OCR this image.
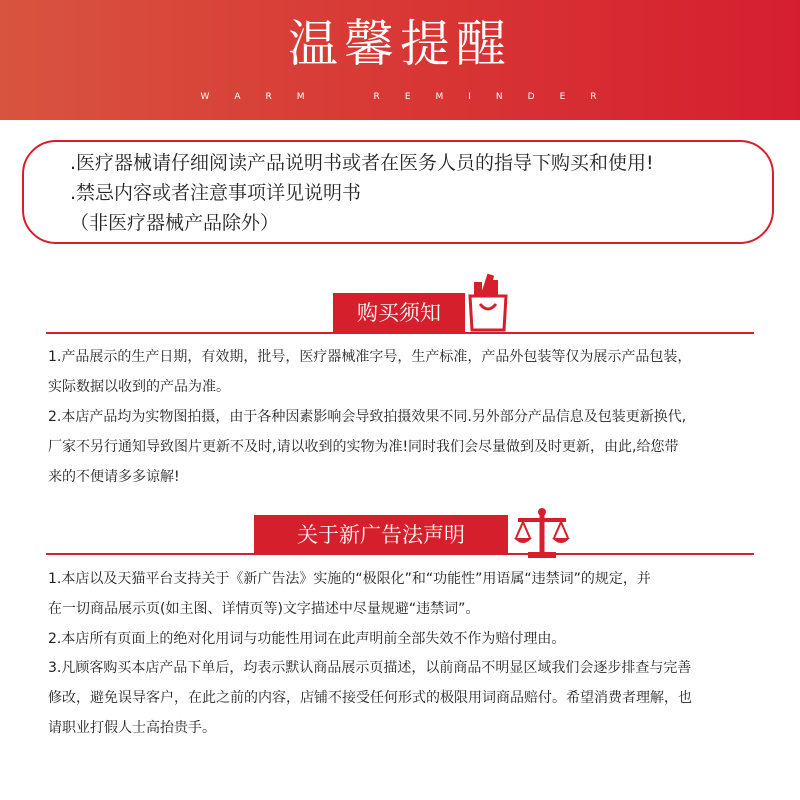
温馨提醒
W A R M	R E M I N D E R
.医疗器械请仔细阅读产品说明书或者在医务人员的指导下购买和使用!
.禁忌内容或者注意事项详见说明书
（非医疗器械产品除外）
购买须知
1.产品展示的生产日期，有效期，批号，医疗器械准字号，生产标准，产品外包装等仅为展示产品包装，
实际数据以收到的产品为准。
2.本店产品均为实物图拍摄，由于各种因素影响会导致拍摄效果不同.另外部分产品信息及包装更新换代,
厂家不另行通知导致图片更新不及时,请以收到的实物为准!同时我们会尽量做到及时更新，由此,给您带
来的不便请多多谅解!
关于新广告法声明
1.本店以及天猫平台支持关于《新广告法》实施的“极限化”和“功能性”用语属“违禁词”的规定，并
在一切商品展示页(如主图、详情页等)文字描述中尽量规避“违禁词”。
2.本店所有页面上的绝对化用词与功能性用词在此声明前全部失效不作为赔付理由。
3.凡顾客购买本店产品下单后，均表示默认商品展示页描述，以前商品不明显区域我们会逐步排查与完善
修改，避免误导客户，在此之前的内容，店铺不接受任何形式的极限用词商品赔付。希望消费者理解，也
请职业打假人士高抬贵手。
